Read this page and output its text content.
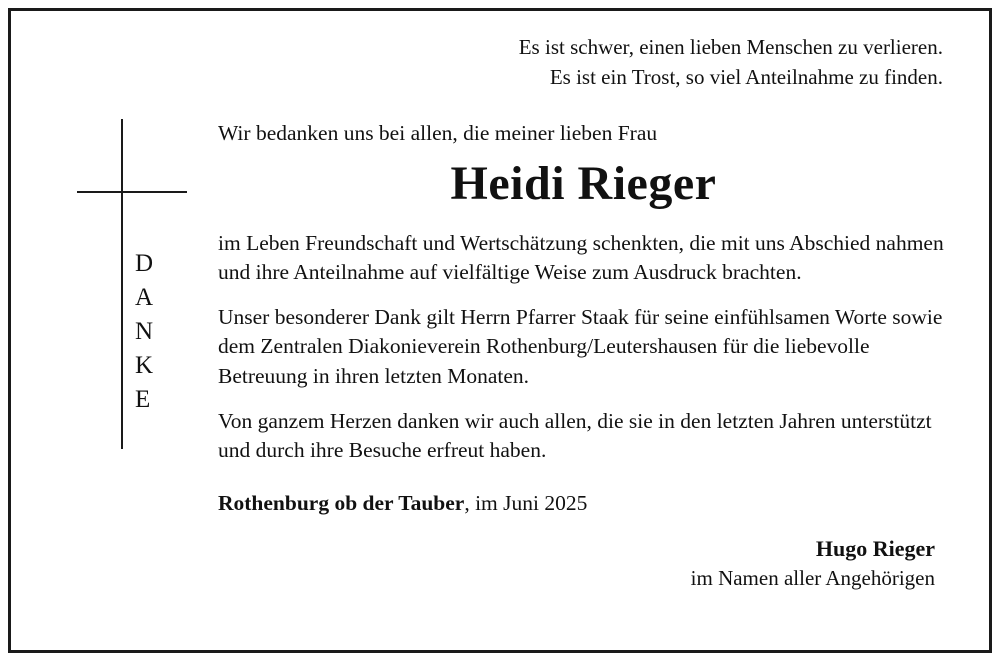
Es ist schwer, einen lieben Menschen zu verlieren.
Es ist ein Trost, so viel Anteilnahme zu finden.
D
A
N
K
E

Wir bedanken uns bei allen, die meiner lieben Frau

Heidi Rieger

im Leben Freundschaft und Wertschätzung schenkten, die mit uns Abschied nahmen und ihre Anteilnahme auf vielfältige Weise zum Ausdruck brachten.

Unser besonderer Dank gilt Herrn Pfarrer Staak für seine einfühlsamen Worte sowie dem Zentralen Diakonieverein Rothenburg/Leutershausen für die liebevolle Betreuung in ihren letzten Monaten.

Von ganzem Herzen danken wir auch allen, die sie in den letzten Jahren unterstützt und durch ihre Besuche erfreut haben.

Rothenburg ob der Tauber, im Juni 2025
Hugo Rieger
im Namen aller Angehörigen
